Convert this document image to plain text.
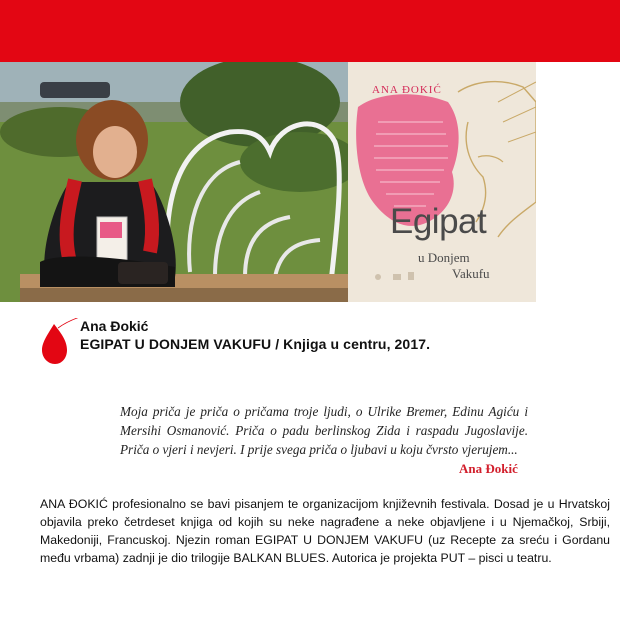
ANA ĐOKIĆ
Egipat
u Donjem
Vakufu
Ana Đokić
EGIPAT U DONJEM VAKUFU / Knjiga u centru, 2017.
Moja priča je priča o pričama troje ljudi, o Ulrike Bremer, Edinu Agiću i Mersihi Osmanović. Priča o padu berlinskog Zida i raspadu Jugoslavije. Priča o vjeri i nevjeri. I prije svega priča o ljubavi u koju čvrsto vjerujem...
Ana Đokić
ANA ĐOKIĆ profesionalno se bavi pisanjem te organizacijom književnih festivala. Dosad je u Hrvatskoj objavila preko četrdeset knjiga od kojih su neke nagrađene a neke objavljene i u Njemačkoj, Srbiji, Makedoniji, Francuskoj. Njezin roman EGIPAT U DONJEM VAKUFU (uz Recepte za sreću i Gordanu među vrbama) zadnji je dio trilogije BALKAN BLUES. Autorica je projekta PUT – pisci u teatru.
